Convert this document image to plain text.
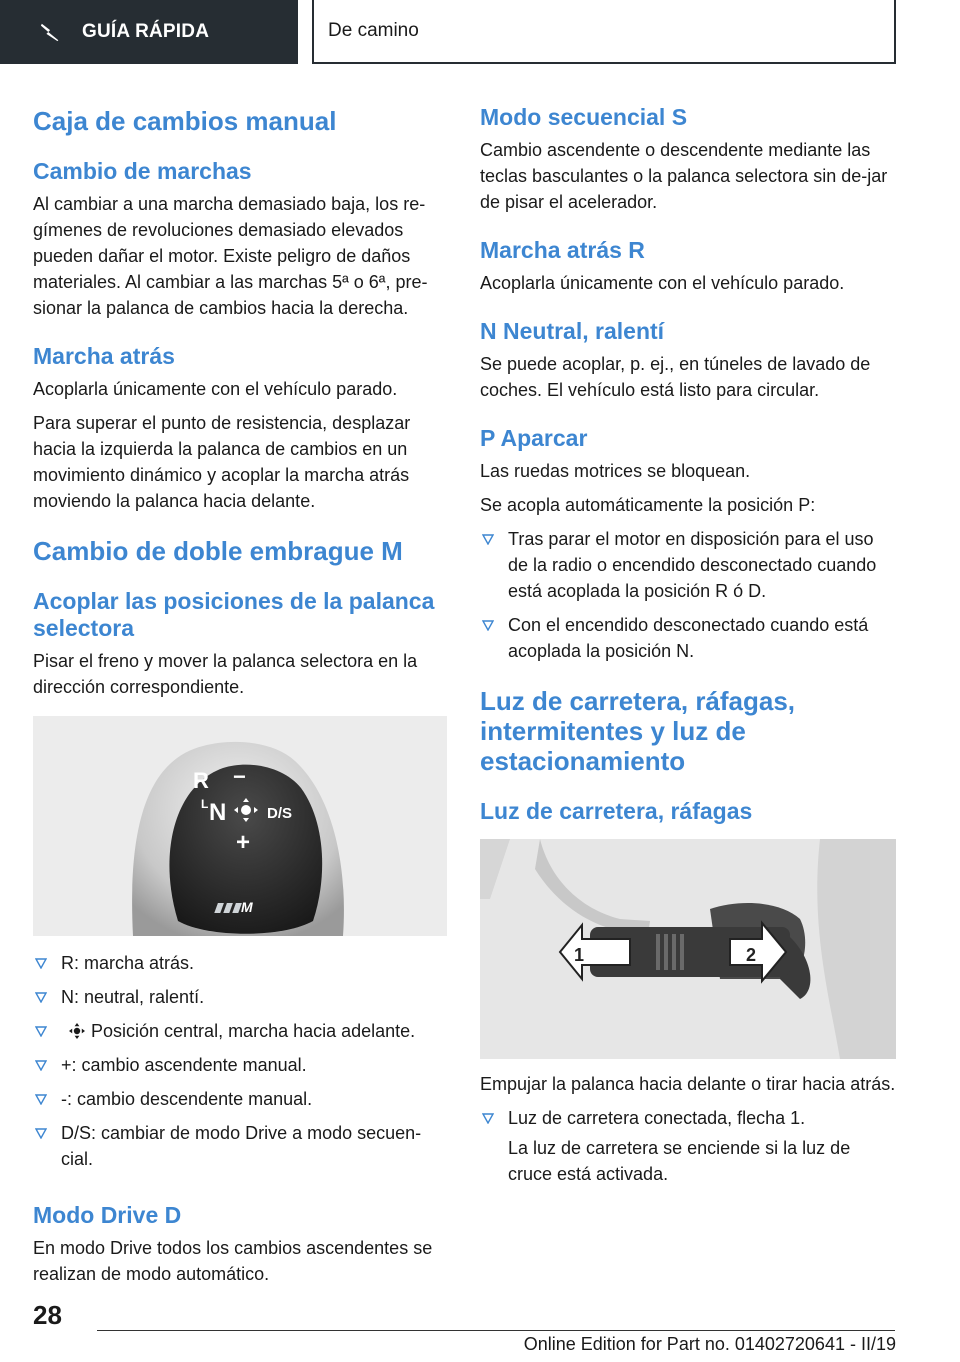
GUÍA RÁPIDA	De camino
Caja de cambios manual
Cambio de marchas

Al cambiar a una marcha demasiado baja, los re‐gímenes de revoluciones demasiado elevados pueden dañar el motor. Existe peligro de daños materiales. Al cambiar a las marchas 5ª o 6ª, pre‐sionar la palanca de cambios hacia la derecha.

Marcha atrás

Acoplarla únicamente con el vehículo parado.

Para superar el punto de resistencia, desplazar hacia la izquierda la palanca de cambios en un movimiento dinámico y acoplar la marcha atrás moviendo la palanca hacia delante.

Cambio de doble embrague M
Acoplar las posiciones de la palanca selectora

Pisar el freno y mover la palanca selectora en la dirección correspondiente.

R −
L N	D/S
+
M
R: marcha atrás.
N: neutral, ralentí.
Posición central, marcha hacia adelante.
+: cambio ascendente manual.
-: cambio descendente manual.
D/S: cambiar de modo Drive a modo secuen‐cial.
Modo Drive D

En modo Drive todos los cambios ascendentes se realizan de modo automático.

Modo secuencial S

Cambio ascendente o descendente mediante las teclas basculantes o la palanca selectora sin de‐jar de pisar el acelerador.

Marcha atrás R

Acoplarla únicamente con el vehículo parado.

N Neutral, ralentí

Se puede acoplar, p. ej., en túneles de lavado de coches. El vehículo está listo para circular.

P Aparcar

Las ruedas motrices se bloquean.

Se acopla automáticamente la posición P:

Tras parar el motor en disposición para el uso de la radio o encendido desconectado cuando está acoplada la posición R ó D.
Con el encendido desconectado cuando está acoplada la posición N.
Luz de carretera, ráfagas, intermitentes y luz de estacionamiento
Luz de carretera, ráfagas
1	2

Empujar la palanca hacia delante o tirar hacia atrás.

Luz de carretera conectada, flecha 1.

La luz de carretera se enciende si la luz de cruce está activada.

28
Online Edition for Part no. 01402720641 - II/19
